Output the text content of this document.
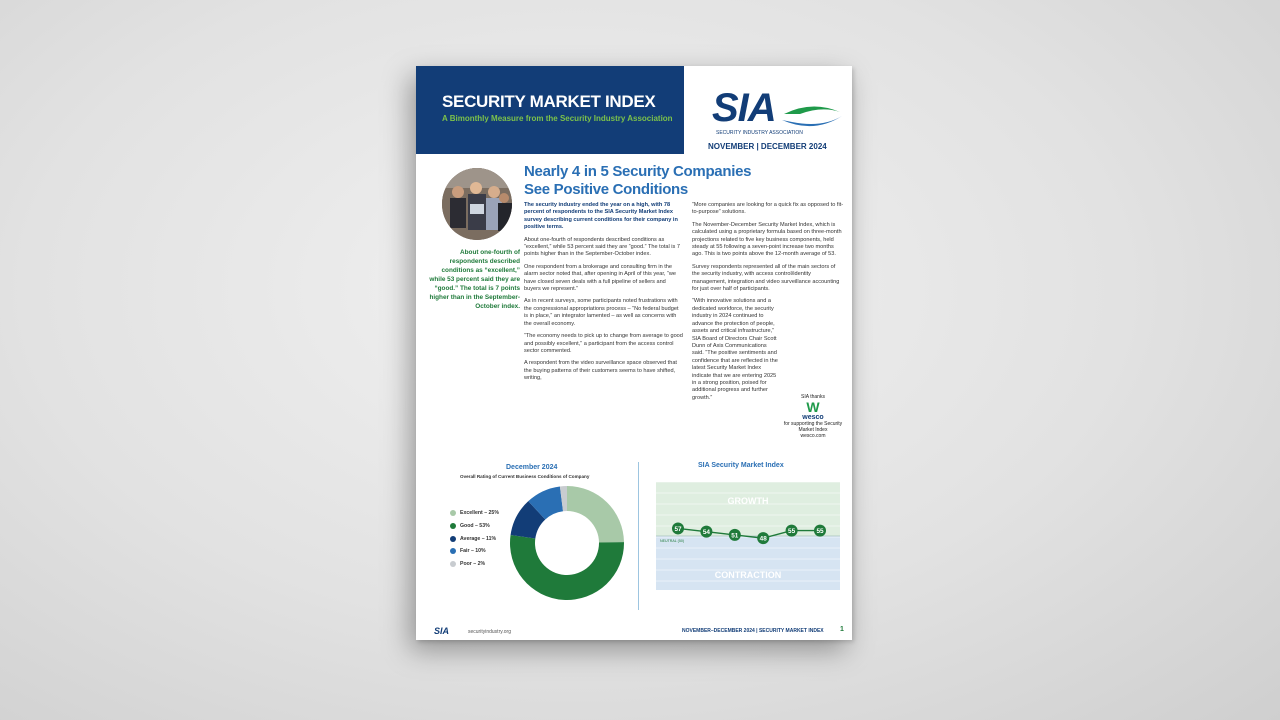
SECURITY MARKET INDEX
A Bimonthly Measure from the Security Industry Association SIA
SECURITY INDUSTRY ASSOCIATION
NOVEMBER | DECEMBER 2024
About one-fourth of respondents described conditions as “excellent,” while 53 percent said they are “good.” The total is 7 points higher than in the September-October index.
Nearly 4 in 5 Security Companies See Positive Conditions

The security industry ended the year on a high, with 78 percent of respondents to the SIA Security Market Index survey describing current conditions for their company in positive terms.

About one-fourth of respondents described conditions as “excellent,” while 53 percent said they are “good.” The total is 7 points higher than in the September-October index.

One respondent from a brokerage and consulting firm in the alarm sector noted that, after opening in April of this year, “we have closed seven deals with a full pipeline of sellers and buyers we represent.”

As in recent surveys, some participants noted frustrations with the congressional appropriations process – “No federal budget is in place,” an integrator lamented – as well as concerns with the overall economy.

“The economy needs to pick up to change from average to good and possibly excellent,” a participant from the access control sector commented.

A respondent from the video surveillance space observed that the buying patterns of their customers seems to have shifted, writing,

“More companies are looking for a quick fix as opposed to fit-to-purpose” solutions.

The November-December Security Market Index, which is calculated using a proprietary formula based on three-month projections related to five key business components, held steady at 55 following a seven-point increase two months ago. This is two points above the 12-month average of 53.

Survey respondents represented all of the main sectors of the security industry, with access control/identity management, integration and video surveillance accounting for just over half of participants.

“With innovative solutions and a dedicated workforce, the security industry in 2024 continued to advance the protection of people, assets and critical infrastructure,” SIA Board of Directors Chair Scott Dunn of Axis Communications said. “The positive sentiments and confidence that are reflected in the latest Security Market Index indicate that we are entering 2025 in a strong position, poised for additional progress and further growth.”	SIA thanks
W
wesco
for supporting the Security Market Index
wesco.com
December 2024
Overall Rating of Current Business Conditions of Company
Excellent – 25%
Good – 53%
Average – 11%
Fair – 10%
Poor – 2%
SIA Security Market Index
GROWTH
CONTRACTION
NEUTRAL (50)
57	54	51	48
55	55
SIA	securityindustry.org	NOVEMBER–DECEMBER 2024 | SECURITY MARKET INDEX 1
